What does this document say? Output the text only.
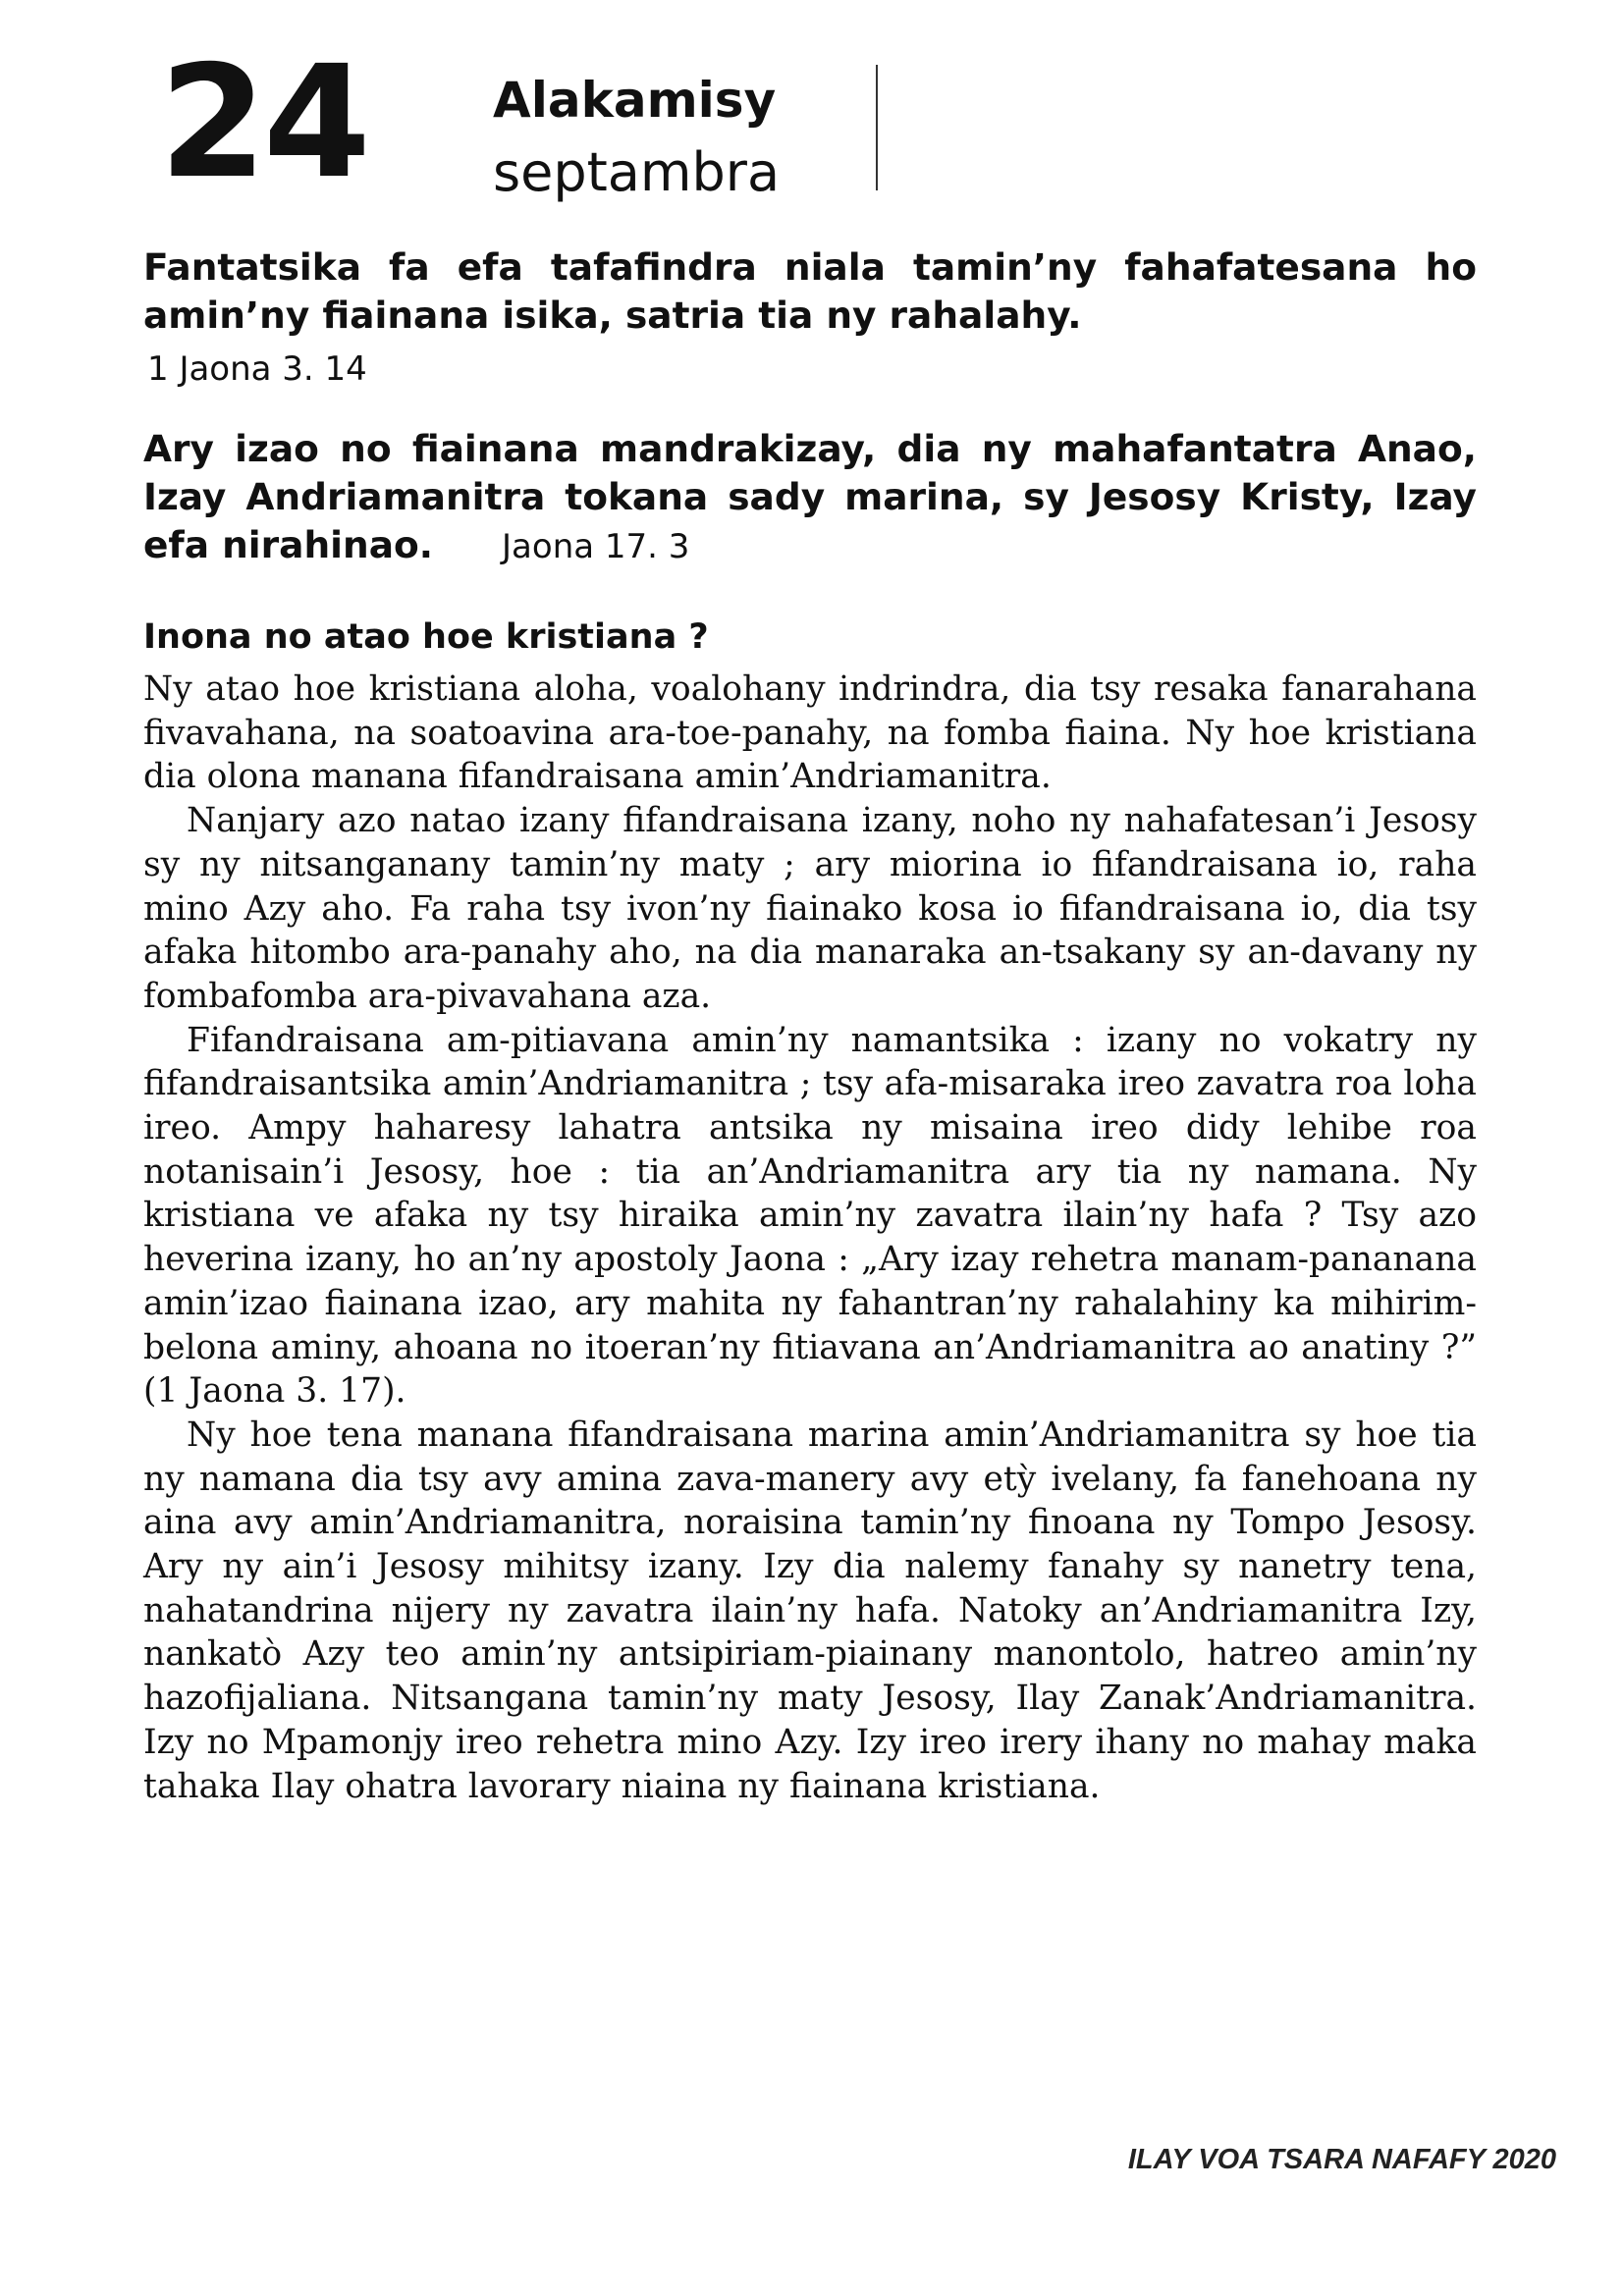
24	Alakamisy
septambra
Fantatsika fa efa tafafindra niala tamin’ny fahafatesana ho amin’ny fiainana isika, satria tia ny rahalahy.
1 Jaona 3. 14
Ary izao no fiainana mandrakizay, dia ny mahafantatra Anao, Izay Andriamanitra tokana sady marina, sy Jesosy Kristy, Izay efa nirahinao. Jaona 17. 3
Inona no atao hoe kristiana ?

Ny atao hoe kristiana aloha, voalohany indrindra, dia tsy resaka fanarahana fivavahana, na soatoavina ara-toe-panahy, na fomba fiaina. Ny hoe kristiana dia olona manana fifandraisana amin’Andriamanitra.

Nanjary azo natao izany fifandraisana izany, noho ny nahafatesan’i Jesosy sy ny nitsanganany tamin’ny maty ; ary miorina io fifandraisana io, raha mino Azy aho. Fa raha tsy ivon’ny fiainako kosa io fifandraisana io, dia tsy afaka hitombo ara-panahy aho, na dia manaraka an-tsakany sy an-davany ny fombafomba ara-pivavahana aza.

Fifandraisana am-pitiavana amin’ny namantsika : izany no vokatry ny fifandraisantsika amin’Andriamanitra ; tsy afa-misaraka ireo zavatra roa loha ireo. Ampy haharesy lahatra antsika ny misaina ireo didy lehibe roa notanisain’i Jesosy, hoe : tia an’Andriamanitra ary tia ny namana. Ny kristiana ve afaka ny tsy hiraika amin’ny zavatra ilain’ny hafa ? Tsy azo heverina izany, ho an’ny apostoly Jaona : „Ary izay rehetra manam-pananana amin’izao fiainana izao, ary mahita ny fahantran’ny rahalahiny ka mihirim-belona aminy, ahoana no itoeran’ny fitiavana an’Andriamanitra ao anatiny ?” (1 Jaona 3. 17).

Ny hoe tena manana fifandraisana marina amin’Andriamanitra sy hoe tia ny namana dia tsy avy amina zava-manery avy etỳ ivelany, fa fanehoana ny aina avy amin’Andriamanitra, noraisina tamin’ny finoana ny Tompo Jesosy. Ary ny ain’i Jesosy mihitsy izany. Izy dia nalemy fanahy sy nanetry tena, nahatandrina nijery ny zavatra ilain’ny hafa. Natoky an’Andriamanitra Izy, nankatò Azy teo amin’ny antsipiriam-piainany manontolo, hatreo amin’ny hazofijaliana. Nitsangana tamin’ny maty Jesosy, Ilay Zanak’Andriamanitra. Izy no Mpamonjy ireo rehetra mino Azy. Izy ireo irery ihany no mahay maka tahaka Ilay ohatra lavorary niaina ny fiainana kristiana.

ILAY VOA TSARA NAFAFY 2020
